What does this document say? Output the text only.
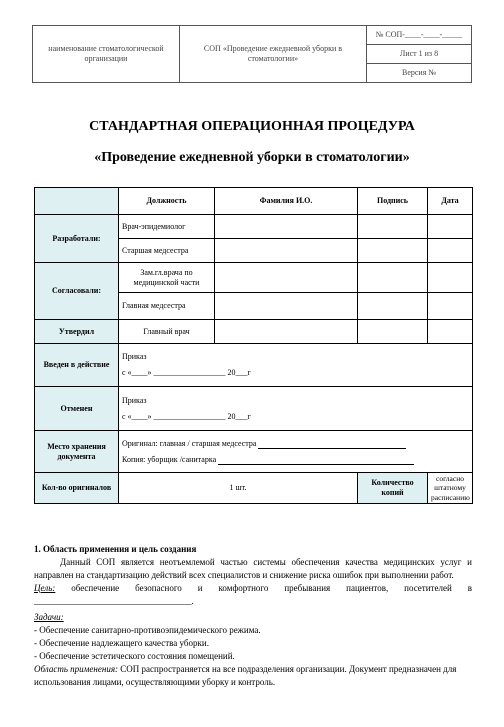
наименование стоматологической организации	СОП «Проведение ежедневной уборки в стоматологии»	№ СОП-____-____-_____
Лист 1 из 8
Версия №
СТАНДАРТНАЯ ОПЕРАЦИОННАЯ ПРОЦЕДУРА
«Проведение ежедневной уборки в стоматологии»
	Должность	Фамилия И.О.	Подпись	Дата
Разработали:	Врач-эпидемиолог			
	Старшая медсестра			
Согласовали:	Зам.гл.врача по медицинской части			
	Главная медсестра			
Утвердил	Главный врач			
Введен в действие	Приказ
с «____» __________________ 20___г			

Отменен	Приказ
с «____» __________________ 20___г			

Место хранения документа	Оригинал: главная / старшая медсестра
Копия: уборщик /санитарка			

Кол-во оригиналов	1 шт.		Количество копий	согласно штатному расписанию
1. Область применения и цель создания
Данный СОП является неотъемлемой частью системы обеспечения качества медицинских услуг и направлен на стандартизацию действий всех специалистов и снижение риска ошибок при выполнении работ.
Цель: обеспечение безопасного и комфортного пребывания пациентов, посетителей в ___________________________________.
Задачи:
- Обеспечение санитарно-противоэпидемического режима.
- Обеспечение надлежащего качества уборки.
- Обеспечение эстетического состояния помещений.
Область применения: СОП распространяется на все подразделения организации. Документ предназначен для использования лицами, осуществляющими уборку и контроль.
